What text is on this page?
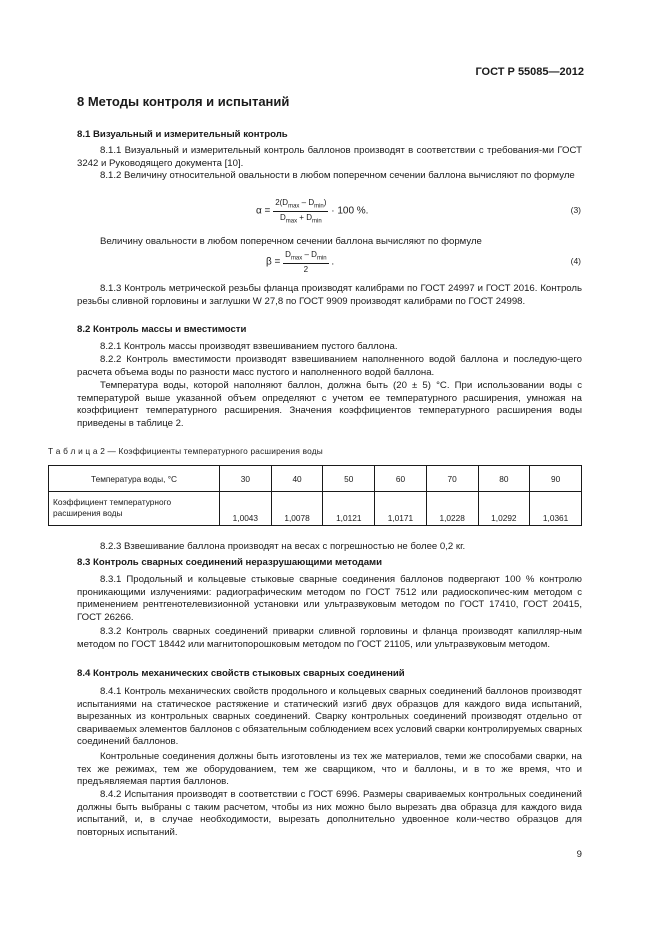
ГОСТ Р 55085—2012
8 Методы контроля и испытаний
8.1 Визуальный и измерительный контроль
8.1.1 Визуальный и измерительный контроль баллонов производят в соответствии с требования-ми ГОСТ 3242 и Руководящего документа [10].
8.1.2 Величину относительной овальности в любом поперечном сечении баллона вычисляют по формуле
$\alpha = \frac{2(D_{max} - D_{min})}{D_{max} + D_{min}} \cdot 100$ %.	(3)
Величину овальности в любом поперечном сечении баллона вычисляют по формуле
$\beta = \frac{D_{max} - D_{min}}{2}$ .	(4)
8.1.3 Контроль метрической резьбы фланца производят калибрами по ГОСТ 24997 и ГОСТ 2016. Контроль резьбы сливной горловины и заглушки W 27,8 по ГОСТ 9909 производят калибрами по ГОСТ 24998.
8.2 Контроль массы и вместимости
8.2.1 Контроль массы производят взвешиванием пустого баллона.
8.2.2 Контроль вместимости производят взвешиванием наполненного водой баллона и последую-щего расчета объема воды по разности масс пустого и наполненного водой баллона.
Температура воды, которой наполняют баллон, должна быть (20 ± 5) °С. При использовании воды с температурой выше указанной объем определяют с учетом ее температурного расширения, умножая на коэффициент температурного расширения. Значения коэффициентов температурного расширения воды приведены в таблице 2.
Т а б л и ц а 2 — Коэффициенты температурного расширения воды
Температура воды, °С	30	40	50	60	70	80	90
Коэффициент температурного расширения воды	1,0043	1,0078	1,0121	1,0171	1,0228	1,0292	1,0361
8.2.3 Взвешивание баллона производят на весах с погрешностью не более 0,2 кг.
8.3 Контроль сварных соединений неразрушающими методами
8.3.1 Продольный и кольцевые стыковые сварные соединения баллонов подвергают 100 % контролю проникающими излучениями: радиографическим методом по ГОСТ 7512 или радиоскопичес-ким методом с применением рентгенотелевизионной установки или ультразвуковым методом по ГОСТ 17410, ГОСТ 20415, ГОСТ 26266.
8.3.2 Контроль сварных соединений приварки сливной горловины и фланца производят капилляр-ным методом по ГОСТ 18442 или магнитопорошковым методом по ГОСТ 21105, или ультразвуковым методом.
8.4 Контроль механических свойств стыковых сварных соединений
8.4.1 Контроль механических свойств продольного и кольцевых сварных соединений баллонов производят испытаниями на статическое растяжение и статический изгиб двух образцов для каждого вида испытаний, вырезанных из контрольных сварных соединений. Сварку контрольных соединений производят отдельно от свариваемых элементов баллонов с обязательным соблюдением всех условий сварки контролируемых сварных соединений баллонов.
Контрольные соединения должны быть изготовлены из тех же материалов, теми же способами сварки, на тех же режимах, тем же оборудованием, тем же сварщиком, что и баллоны, и в то же время, что и предъявляемая партия баллонов.
8.4.2 Испытания производят в соответствии с ГОСТ 6996. Размеры свариваемых контрольных соединений должны быть выбраны с таким расчетом, чтобы из них можно было вырезать два образца для каждого вида испытаний, и, в случае необходимости, вырезать дополнительно удвоенное коли-чество образцов для повторных испытаний.
9
